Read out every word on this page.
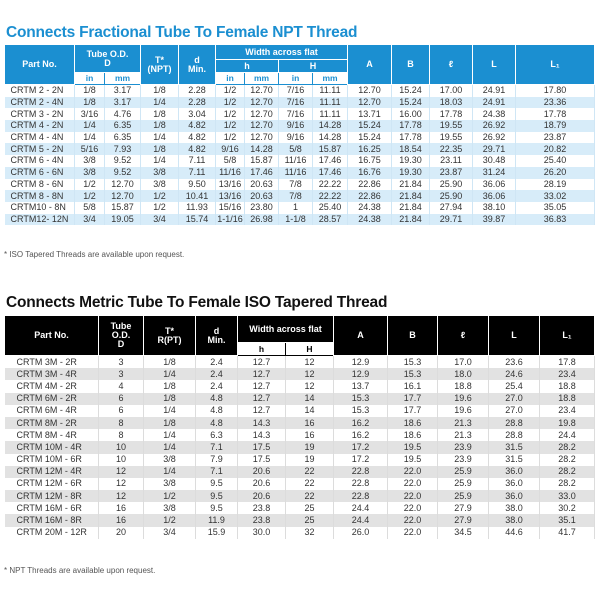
Connects Fractional Tube To Female NPT Thread
Part No.	Tube O.D.
D		T*
(NPT)	d
Min.	Width across flat				A	B	ℓ	L	L₁
					h		H						
	in	mm			in	mm	in	mm					
CRTM 2 - 2N	1/8	3.17	1/8	2.28	1/2	12.70	7/16	11.11	12.70	15.24	17.00	24.91	17.80
CRTM 2 - 4N	1/8	3.17	1/4	2.28	1/2	12.70	7/16	11.11	12.70	15.24	18.03	24.91	23.36
CRTM 3 - 2N	3/16	4.76	1/8	3.04	1/2	12.70	7/16	11.11	13.71	16.00	17.78	24.38	17.78
CRTM 4 - 2N	1/4	6.35	1/8	4.82	1/2	12.70	9/16	14.28	15.24	17.78	19.55	26.92	18.79
CRTM 4 - 4N	1/4	6.35	1/4	4.82	1/2	12.70	9/16	14.28	15.24	17.78	19.55	26.92	23.87
CRTM 5 - 2N	5/16	7.93	1/8	4.82	9/16	14.28	5/8	15.87	16.25	18.54	22.35	29.71	20.82
CRTM 6 - 4N	3/8	9.52	1/4	7.11	5/8	15.87	11/16	17.46	16.75	19.30	23.11	30.48	25.40
CRTM 6 - 6N	3/8	9.52	3/8	7.11	11/16	17.46	11/16	17.46	16.76	19.30	23.87	31.24	26.20
CRTM 8 - 6N	1/2	12.70	3/8	9.50	13/16	20.63	7/8	22.22	22.86	21.84	25.90	36.06	28.19
CRTM 8 - 8N	1/2	12.70	1/2	10.41	13/16	20.63	7/8	22.22	22.86	21.84	25.90	36.06	33.02
CRTM10 - 8N	5/8	15.87	1/2	11.93	15/16	23.80	1	25.40	24.38	21.84	27.94	38.10	35.05
CRTM12- 12N	3/4	19.05	3/4	15.74	1-1/16	26.98	1-1/8	28.57	24.38	21.84	29.71	39.87	36.83

* ISO Tapered Threads are available upon request.

Connects Metric Tube To Female ISO Tapered Thread
Part No.	Tube
O.D.
D	T*
R(PT)	d
Min.	Width across flat		A	B	ℓ	L	L₁
				h	H					
CRTM 3M - 2R	3	1/8	2.4	12.7	12	12.9	15.3	17.0	23.6	17.8
CRTM 3M - 4R	3	1/4	2.4	12.7	12	12.9	15.3	18.0	24.6	23.4
CRTM 4M - 2R	4	1/8	2.4	12.7	12	13.7	16.1	18.8	25.4	18.8
CRTM 6M - 2R	6	1/8	4.8	12.7	14	15.3	17.7	19.6	27.0	18.8
CRTM 6M - 4R	6	1/4	4.8	12.7	14	15.3	17.7	19.6	27.0	23.4
CRTM 8M - 2R	8	1/8	4.8	14.3	16	16.2	18.6	21.3	28.8	19.8
CRTM 8M - 4R	8	1/4	6.3	14.3	16	16.2	18.6	21.3	28.8	24.4
CRTM 10M - 4R	10	1/4	7.1	17.5	19	17.2	19.5	23.9	31.5	28.2
CRTM 10M - 6R	10	3/8	7.9	17.5	19	17.2	19.5	23.9	31.5	28.2
CRTM 12M - 4R	12	1/4	7.1	20.6	22	22.8	22.0	25.9	36.0	28.2
CRTM 12M - 6R	12	3/8	9.5	20.6	22	22.8	22.0	25.9	36.0	28.2
CRTM 12M - 8R	12	1/2	9.5	20.6	22	22.8	22.0	25.9	36.0	33.0
CRTM 16M - 6R	16	3/8	9.5	23.8	25	24.4	22.0	27.9	38.0	30.2
CRTM 16M - 8R	16	1/2	11.9	23.8	25	24.4	22.0	27.9	38.0	35.1
CRTM 20M - 12R	20	3/4	15.9	30.0	32	26.0	22.0	34.5	44.6	41.7

* NPT Threads are available upon request.
